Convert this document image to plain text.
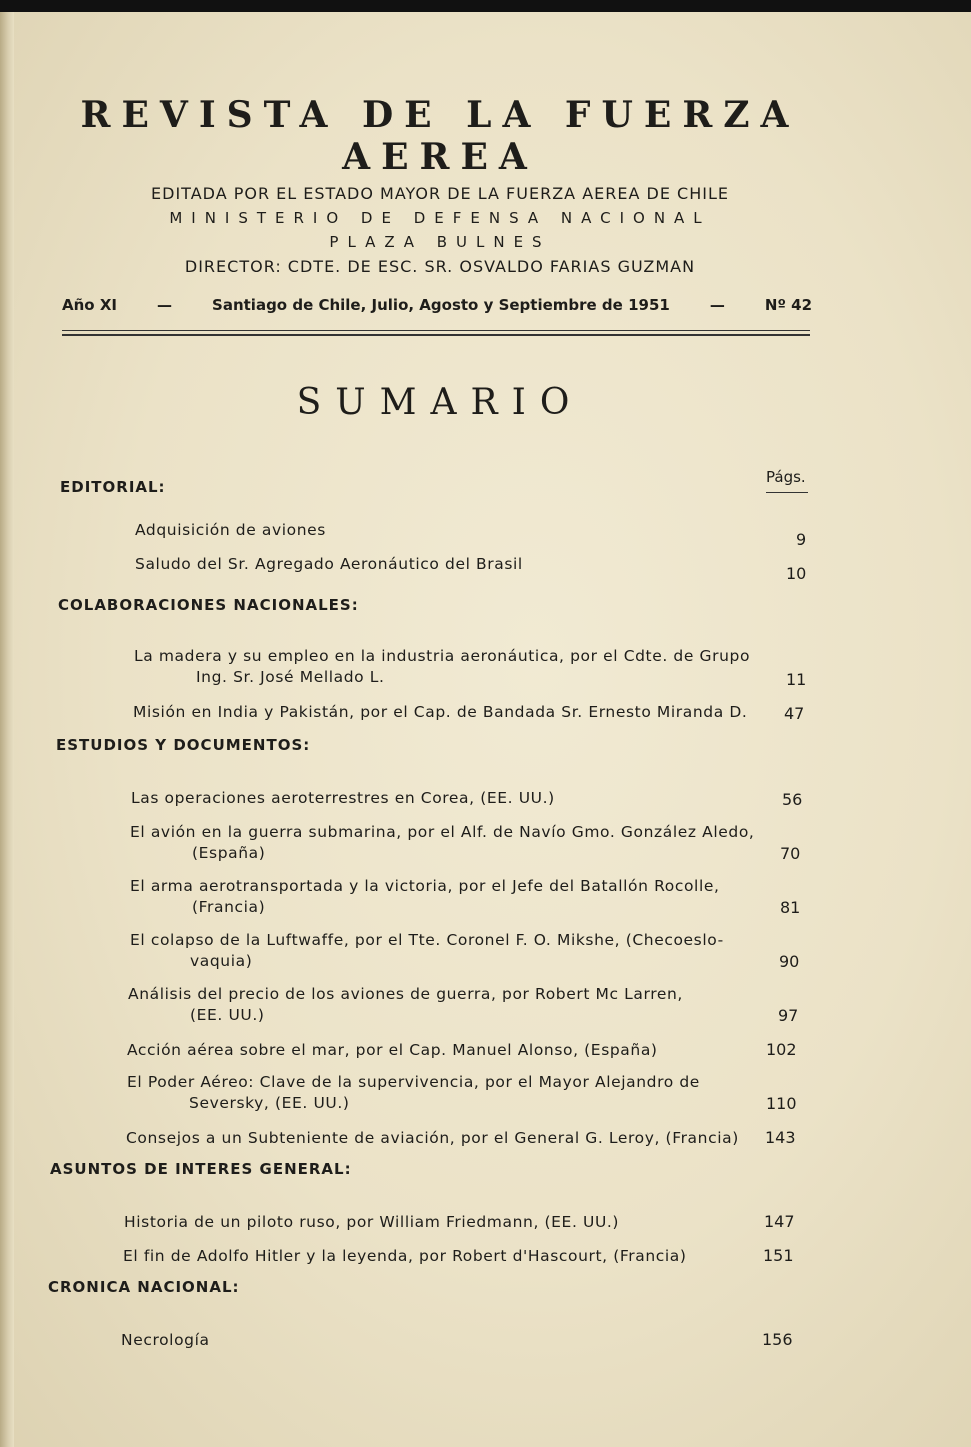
REVISTA DE LA FUERZA AEREA
EDITADA POR EL ESTADO MAYOR DE LA FUERZA AEREA DE CHILE
MINISTERIO DE DEFENSA NACIONAL
PLAZA BULNES
DIRECTOR: CDTE. DE ESC. SR. OSVALDO FARIAS GUZMAN
Año XI	—	Santiago de Chile, Julio, Agosto y Septiembre de 1951	—	Nº 42
SUMARIO
Págs.
EDITORIAL:
COLABORACIONES NACIONALES:
ESTUDIOS Y DOCUMENTOS:
ASUNTOS DE INTERES GENERAL:
CRONICA NACIONAL:
Adquisición de aviones	9
Saludo del Sr. Agregado Aeronáutico del Brasil	10
La madera y su empleo en la industria aeronáutica, por el Cdte. de Grupo
Ing. Sr. José Mellado L.	11
Misión en India y Pakistán, por el Cap. de Bandada Sr. Ernesto Miranda D. 47
Las operaciones aeroterrestres en Corea, (EE. UU.)	56
El avión en la guerra submarina, por el Alf. de Navío Gmo. González Aledo,
(España)	70
El arma aerotransportada y la victoria, por el Jefe del Batallón Rocolle,
(Francia)	81
El colapso de la Luftwaffe, por el Tte. Coronel F. O. Mikshe, (Checoeslo-
vaquia)	90
Análisis del precio de los aviones de guerra, por Robert Mc Larren,
(EE. UU.)	97
Acción aérea sobre el mar, por el Cap. Manuel Alonso, (España)	102
El Poder Aéreo: Clave de la supervivencia, por el Mayor Alejandro de
Seversky, (EE. UU.)	110
Consejos a un Subteniente de aviación, por el General G. Leroy, (Francia) 143
Historia de un piloto ruso, por William Friedmann, (EE. UU.)	147
El fin de Adolfo Hitler y la leyenda, por Robert d'Hascourt, (Francia)	151
Necrología	156
